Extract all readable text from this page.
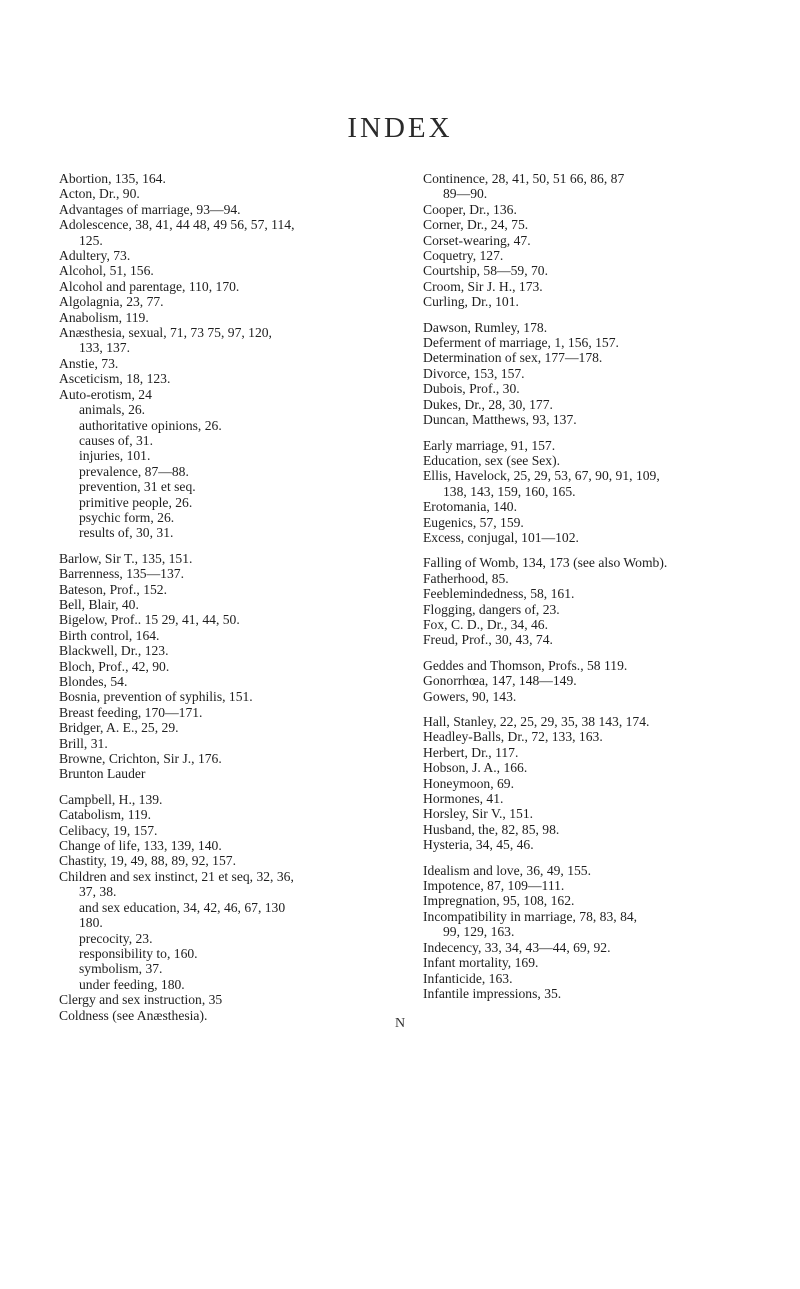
INDEX
Abortion, 135, 164.
Acton, Dr., 90.
Advantages of marriage, 93—94.
Adolescence, 38, 41, 44 48, 49 56, 57, 114,
125.
Adultery, 73.
Alcohol, 51, 156.
Alcohol and parentage, 110, 170.
Algolagnia, 23, 77.
Anabolism, 119.
Anæsthesia, sexual, 71, 73 75, 97, 120,
133, 137.
Anstie, 73.
Asceticism, 18, 123.
Auto-erotism, 24
animals, 26.
authoritative opinions, 26.
causes of, 31.
injuries, 101.
prevalence, 87—88.
prevention, 31 et seq.
primitive people, 26.
psychic form, 26.
results of, 30, 31.
Barlow, Sir T., 135, 151.
Barrenness, 135—137.
Bateson, Prof., 152.
Bell, Blair, 40.
Bigelow, Prof.. 15 29, 41, 44, 50.
Birth control, 164.
Blackwell, Dr., 123.
Bloch, Prof., 42, 90.
Blondes, 54.
Bosnia, prevention of syphilis, 151.
Breast feeding, 170—171.
Bridger, A. E., 25, 29.
Brill, 31.
Browne, Crichton, Sir J., 176.
Brunton Lauder
Campbell, H., 139.
Catabolism, 119.
Celibacy, 19, 157.
Change of life, 133, 139, 140.
Chastity, 19, 49, 88, 89, 92, 157.
Children and sex instinct, 21 et seq, 32, 36,
37, 38.
and sex education, 34, 42, 46, 67, 130
180.
precocity, 23.
responsibility to, 160.
symbolism, 37.
under feeding, 180.
Clergy and sex instruction, 35
Coldness (see Anæsthesia).
Continence, 28, 41, 50, 51 66, 86, 87
89—90.
Cooper, Dr., 136.
Corner, Dr., 24, 75.
Corset-wearing, 47.
Coquetry, 127.
Courtship, 58—59, 70.
Croom, Sir J. H., 173.
Curling, Dr., 101.
Dawson, Rumley, 178.
Deferment of marriage, 1, 156, 157.
Determination of sex, 177—178.
Divorce, 153, 157.
Dubois, Prof., 30.
Dukes, Dr., 28, 30, 177.
Duncan, Matthews, 93, 137.
Early marriage, 91, 157.
Education, sex (see Sex).
Ellis, Havelock, 25, 29, 53, 67, 90, 91, 109,
138, 143, 159, 160, 165.
Erotomania, 140.
Eugenics, 57, 159.
Excess, conjugal, 101—102.
Falling of Womb, 134, 173 (see also Womb).
Fatherhood, 85.
Feeblemindedness, 58, 161.
Flogging, dangers of, 23.
Fox, C. D., Dr., 34, 46.
Freud, Prof., 30, 43, 74.
Geddes and Thomson, Profs., 58 119.
Gonorrhœa, 147, 148—149.
Gowers, 90, 143.
Hall, Stanley, 22, 25, 29, 35, 38 143, 174.
Headley-Balls, Dr., 72, 133, 163.
Herbert, Dr., 117.
Hobson, J. A., 166.
Honeymoon, 69.
Hormones, 41.
Horsley, Sir V., 151.
Husband, the, 82, 85, 98.
Hysteria, 34, 45, 46.
Idealism and love, 36, 49, 155.
Impotence, 87, 109—111.
Impregnation, 95, 108, 162.
Incompatibility in marriage, 78, 83, 84,
99, 129, 163.
Indecency, 33, 34, 43—44, 69, 92.
Infant mortality, 169.
Infanticide, 163.
Infantile impressions, 35.
N
